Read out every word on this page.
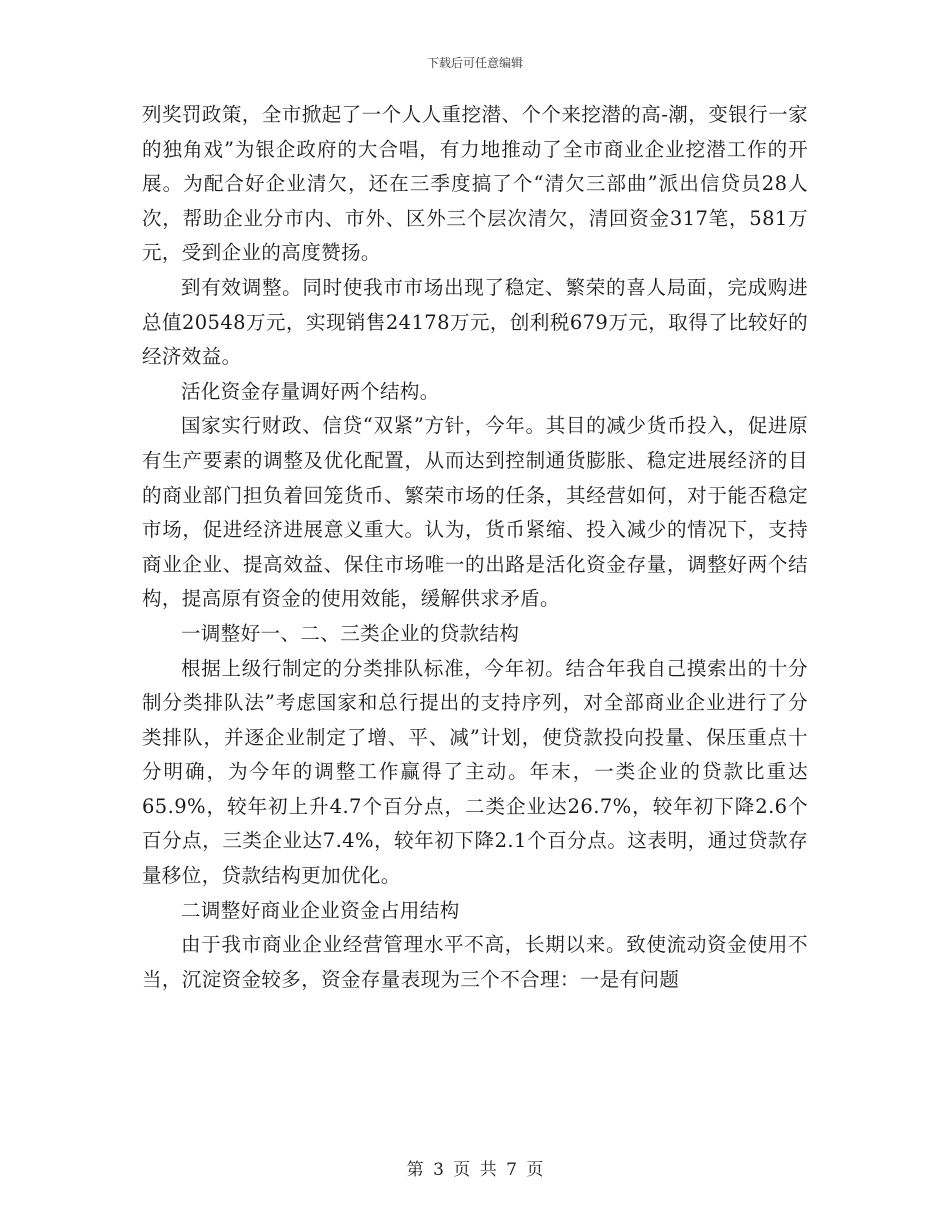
下载后可任意编辑

列奖罚政策，全市掀起了一个人人重挖潜、个个来挖潜的高-潮，变银行一家的独角戏”为银企政府的大合唱，有力地推动了全市商业企业挖潜工作的开展。为配合好企业清欠，还在三季度搞了个“清欠三部曲”派出信贷员28人次，帮助企业分市内、市外、区外三个层次清欠，清回资金317笔，581万元，受到企业的高度赞扬。

到有效调整。同时使我市市场出现了稳定、繁荣的喜人局面，完成购进总值20548万元，实现销售24178万元，创利税679万元，取得了比较好的经济效益。

活化资金存量调好两个结构。

国家实行财政、信贷“双紧”方针，今年。其目的减少货币投入，促进原有生产要素的调整及优化配置，从而达到控制通货膨胀、稳定进展经济的目的商业部门担负着回笼货币、繁荣市场的任条，其经营如何，对于能否稳定市场，促进经济进展意义重大。认为，货币紧缩、投入减少的情况下，支持商业企业、提高效益、保住市场唯一的出路是活化资金存量，调整好两个结构，提高原有资金的使用效能，缓解供求矛盾。

一调整好一、二、三类企业的贷款结构

根据上级行制定的分类排队标准，今年初。结合年我自己摸索出的十分制分类排队法”考虑国家和总行提出的支持序列，对全部商业企业进行了分类排队，并逐企业制定了增、平、减”计划，使贷款投向投量、保压重点十分明确，为今年的调整工作赢得了主动。年末，一类企业的贷款比重达65.9%，较年初上升4.7个百分点，二类企业达26.7%，较年初下降2.6个百分点，三类企业达7.4%，较年初下降2.1个百分点。这表明，通过贷款存量移位，贷款结构更加优化。

二调整好商业企业资金占用结构

由于我市商业企业经营管理水平不高，长期以来。致使流动资金使用不当，沉淀资金较多，资金存量表现为三个不合理：一是有问题

第 3 页 共 7 页
